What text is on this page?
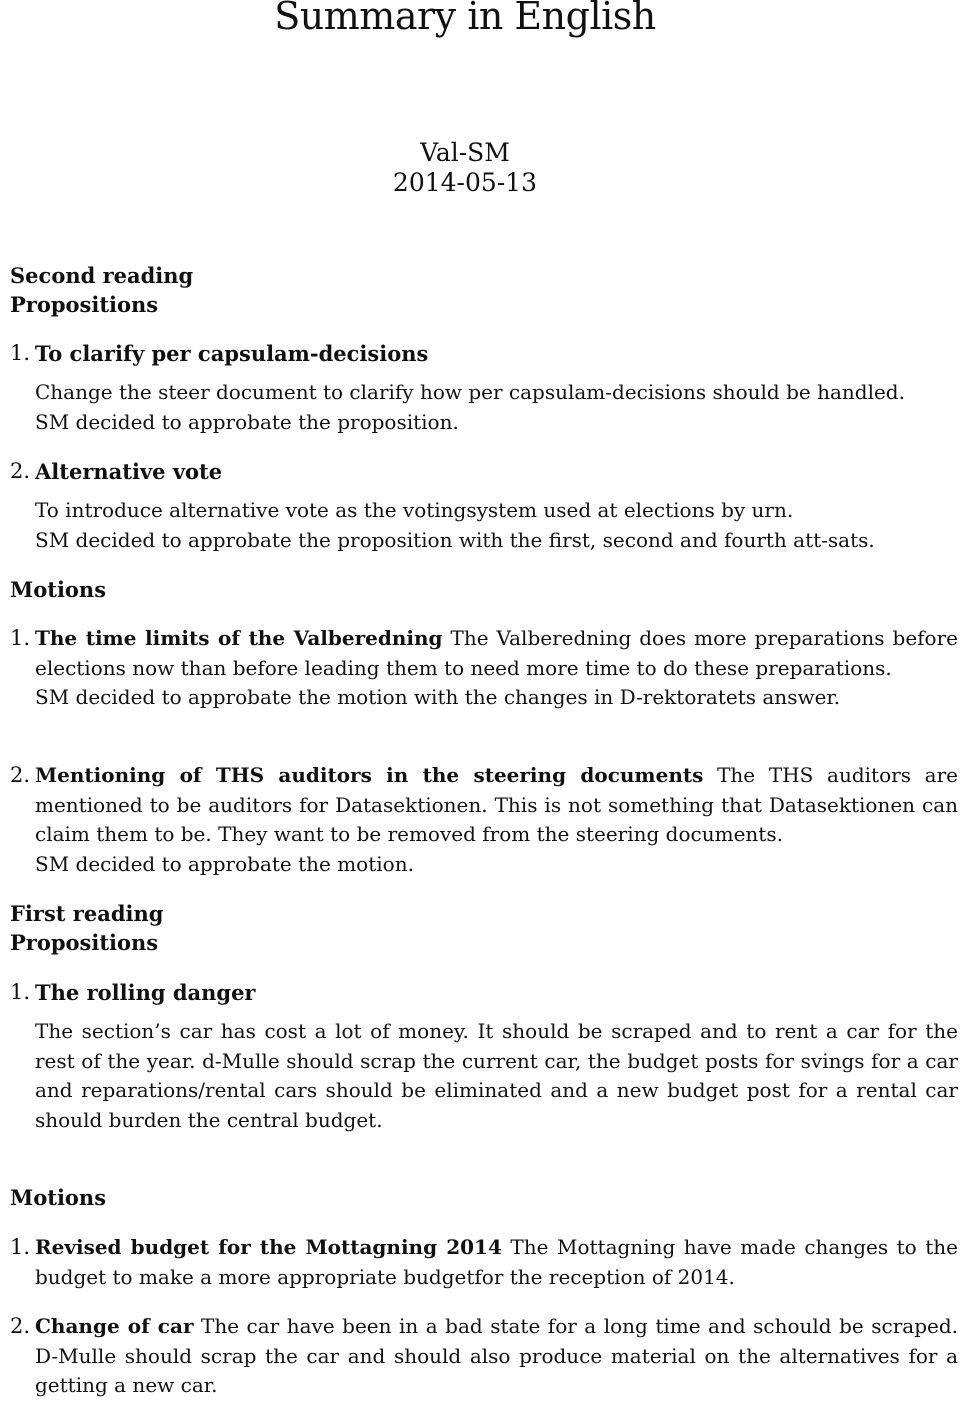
Summary in English
Val-SM
2014-05-13
Second reading
Propositions
1. To clarify per capsulam-decisions
Change the steer document to clarify how per capsulam-decisions should be handled.
SM decided to approbate the proposition.
2. Alternative vote
To introduce alternative vote as the votingsystem used at elections by urn.
SM decided to approbate the proposition with the first, second and fourth att-sats.
Motions
1. The time limits of the Valberedning The Valberedning does more preparations before elections now than before leading them to need more time to do these preparations.
SM decided to approbate the motion with the changes in D-rektoratets answer.
2. Mentioning of THS auditors in the steering documents The THS auditors are mentioned to be auditors for Datasektionen. This is not something that Datasektionen can claim them to be. They want to be removed from the steering documents.
SM decided to approbate the motion.
First reading
Propositions
1. The rolling danger
The section’s car has cost a lot of money. It should be scraped and to rent a car for the rest of the year. d-Mulle should scrap the current car, the budget posts for svings for a car and reparations/rental cars should be eliminated and a new budget post for a rental car should burden the central budget.
Motions
1. Revised budget for the Mottagning 2014 The Mottagning have made changes to the budget to make a more appropriate budgetfor the reception of 2014.
2. Change of car The car have been in a bad state for a long time and schould be scraped. D-Mulle should scrap the car and should also produce material on the alternatives for a getting a new car.
